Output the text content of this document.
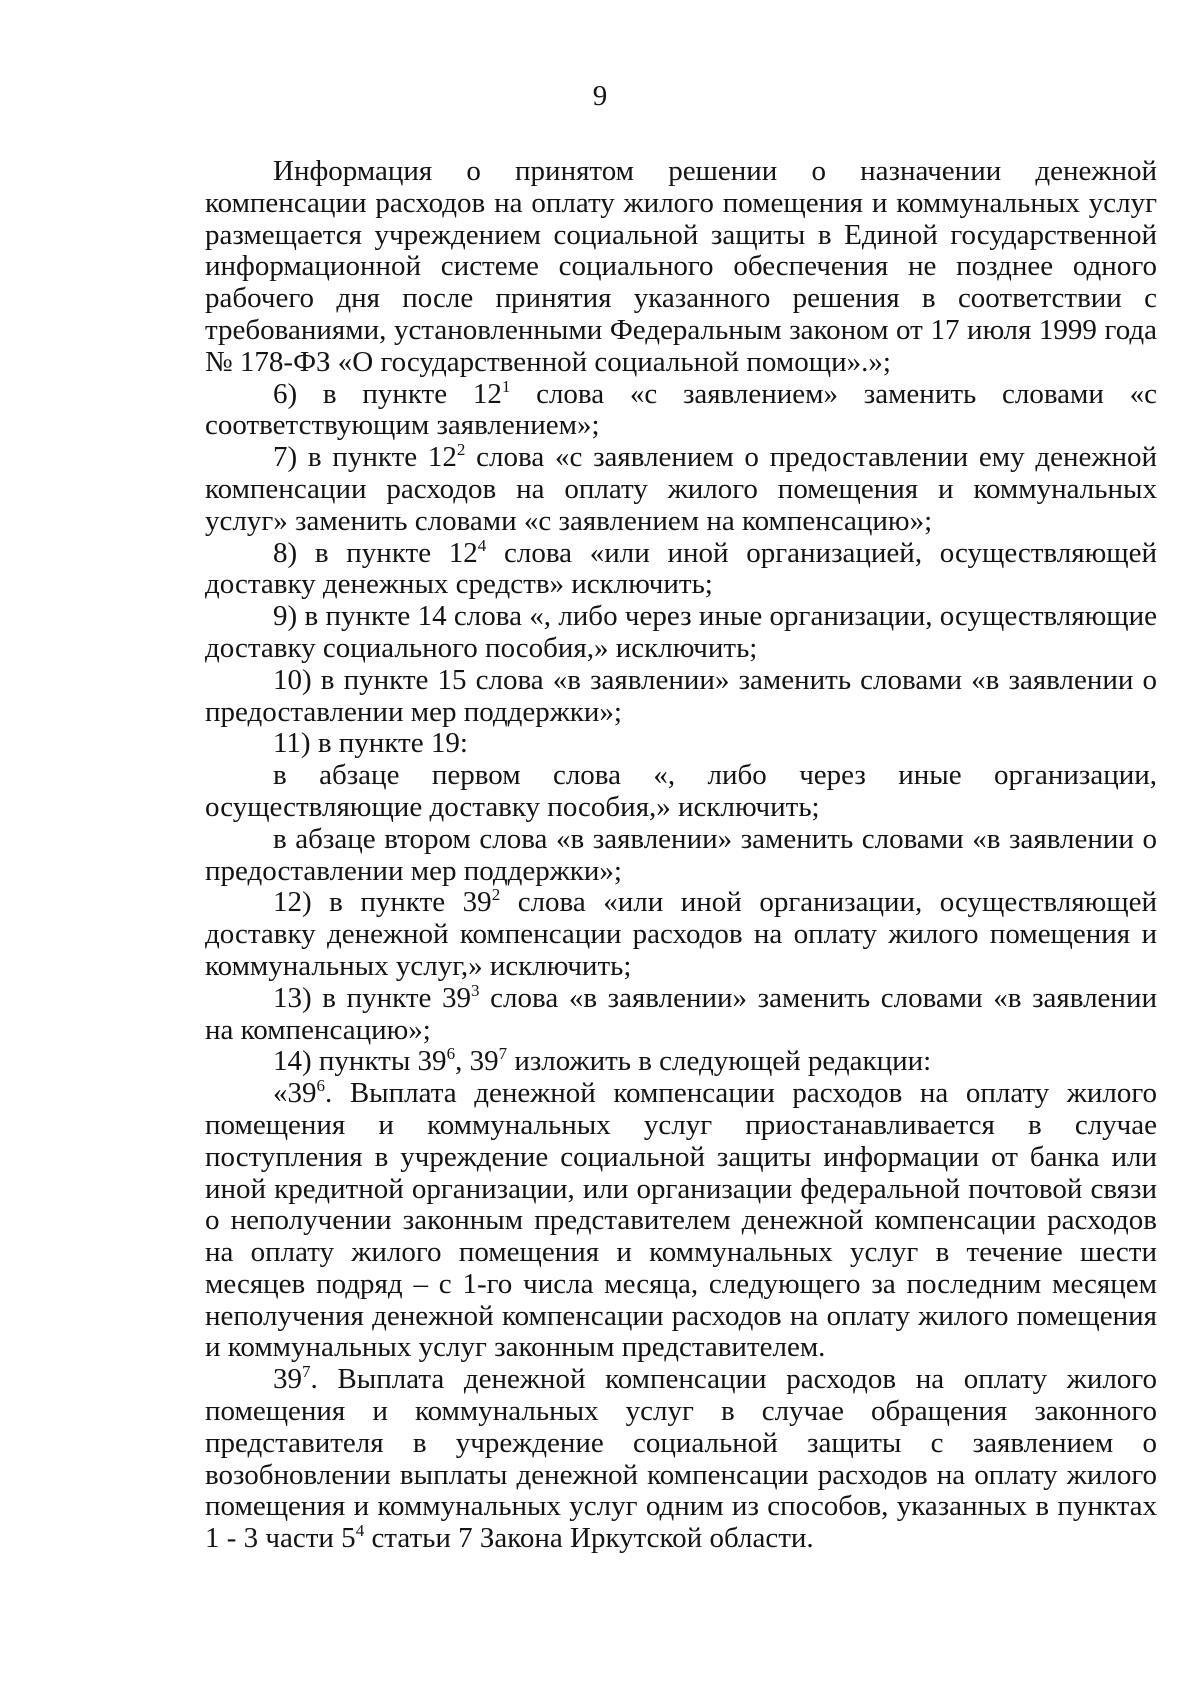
9

Информация о принятом решении о назначении денежной компенсации расходов на оплату жилого помещения и коммунальных услуг размещается учреждением социальной защиты в Единой государственной информационной системе социального обеспечения не позднее одного рабочего дня после принятия указанного решения в соответствии с требованиями, установленными Федеральным законом от 17 июля 1999 года № 178-ФЗ «О государственной социальной помощи».»;

6) в пункте $12^1$ слова «с заявлением» заменить словами «с соответствующим заявлением»;

7) в пункте $12^2$ слова «с заявлением о предоставлении ему денежной компенсации расходов на оплату жилого помещения и коммунальных услуг» заменить словами «с заявлением на компенсацию»;

8) в пункте $12^4$ слова «или иной организацией, осуществляющей доставку денежных средств» исключить;

9) в пункте 14 слова «, либо через иные организации, осуществляющие доставку социального пособия,» исключить;

10) в пункте 15 слова «в заявлении» заменить словами «в заявлении о предоставлении мер поддержки»;

11) в пункте 19:

в абзаце первом слова «, либо через иные организации, осуществляющие доставку пособия,» исключить;

в абзаце втором слова «в заявлении» заменить словами «в заявлении о предоставлении мер поддержки»;

12) в пункте $39^2$ слова «или иной организации, осуществляющей доставку денежной компенсации расходов на оплату жилого помещения и коммунальных услуг,» исключить;

13) в пункте $39^3$ слова «в заявлении» заменить словами «в заявлении на компенсацию»;

14) пункты $39^6$, $39^7$ изложить в следующей редакции:

«$39^6$. Выплата денежной компенсации расходов на оплату жилого помещения и коммунальных услуг приостанавливается в случае поступления в учреждение социальной защиты информации от банка или иной кредитной организации, или организации федеральной почтовой связи о неполучении законным представителем денежной компенсации расходов на оплату жилого помещения и коммунальных услуг в течение шести месяцев подряд – с 1-го числа месяца, следующего за последним месяцем неполучения денежной компенсации расходов на оплату жилого помещения и коммунальных услуг законным представителем.

$39^7$. Выплата денежной компенсации расходов на оплату жилого помещения и коммунальных услуг в случае обращения законного представителя в учреждение социальной защиты с заявлением о возобновлении выплаты денежной компенсации расходов на оплату жилого помещения и коммунальных услуг одним из способов, указанных в пунктах 1 - 3 части $5^4$ статьи 7 Закона Иркутской области.
